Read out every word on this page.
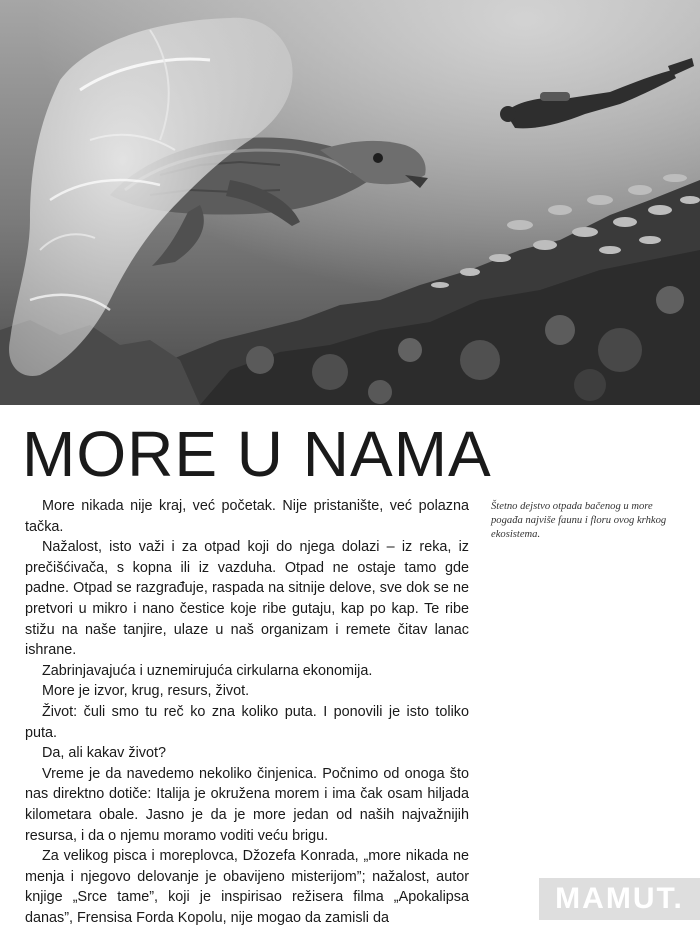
MORE U NAMA

More nikada nije kraj, već početak. Nije pristanište, već polazna tačka.

Nažalost, isto važi i za otpad koji do njega dolazi – iz reka, iz prečišćivača, s kopna ili iz vazduha. Otpad ne ostaje tamo gde padne. Otpad se razgrađuje, raspada na sitnije delove, sve dok se ne pretvori u mikro i nano čestice koje ribe gutaju, kap po kap. Te ribe stižu na naše tanjire, ulaze u naš organizam i remete čitav lanac ishrane.

Zabrinjavajuća i uznemirujuća cirkularna ekonomija.

More je izvor, krug, resurs, život.

Život: čuli smo tu reč ko zna koliko puta. I ponovili je isto toliko puta.

Da, ali kakav život?

Vreme je da navedemo nekoliko činjenica. Počnimo od onoga što nas direktno dotiče: Italija je okružena morem i ima čak osam hiljada kilometara obale. Jasno je da je more jedan od naših najvažnijih resursa, i da o njemu moramo voditi veću brigu.

Za velikog pisca i moreplovca, Džozefa Konrada, „more nikada ne menja i njegovo delovanje je obavijeno misterijom”; nažalost, autor knjige „Srce tame”, koji je inspirisao režisera filma „Apokalipsa danas”, Frensisa Forda Kopolu, nije mogao da zamisli da

Štetno dejstvo otpada bačenog u more pogađa najviše faunu i floru ovog krhkog ekosistema.
MAMUT.
